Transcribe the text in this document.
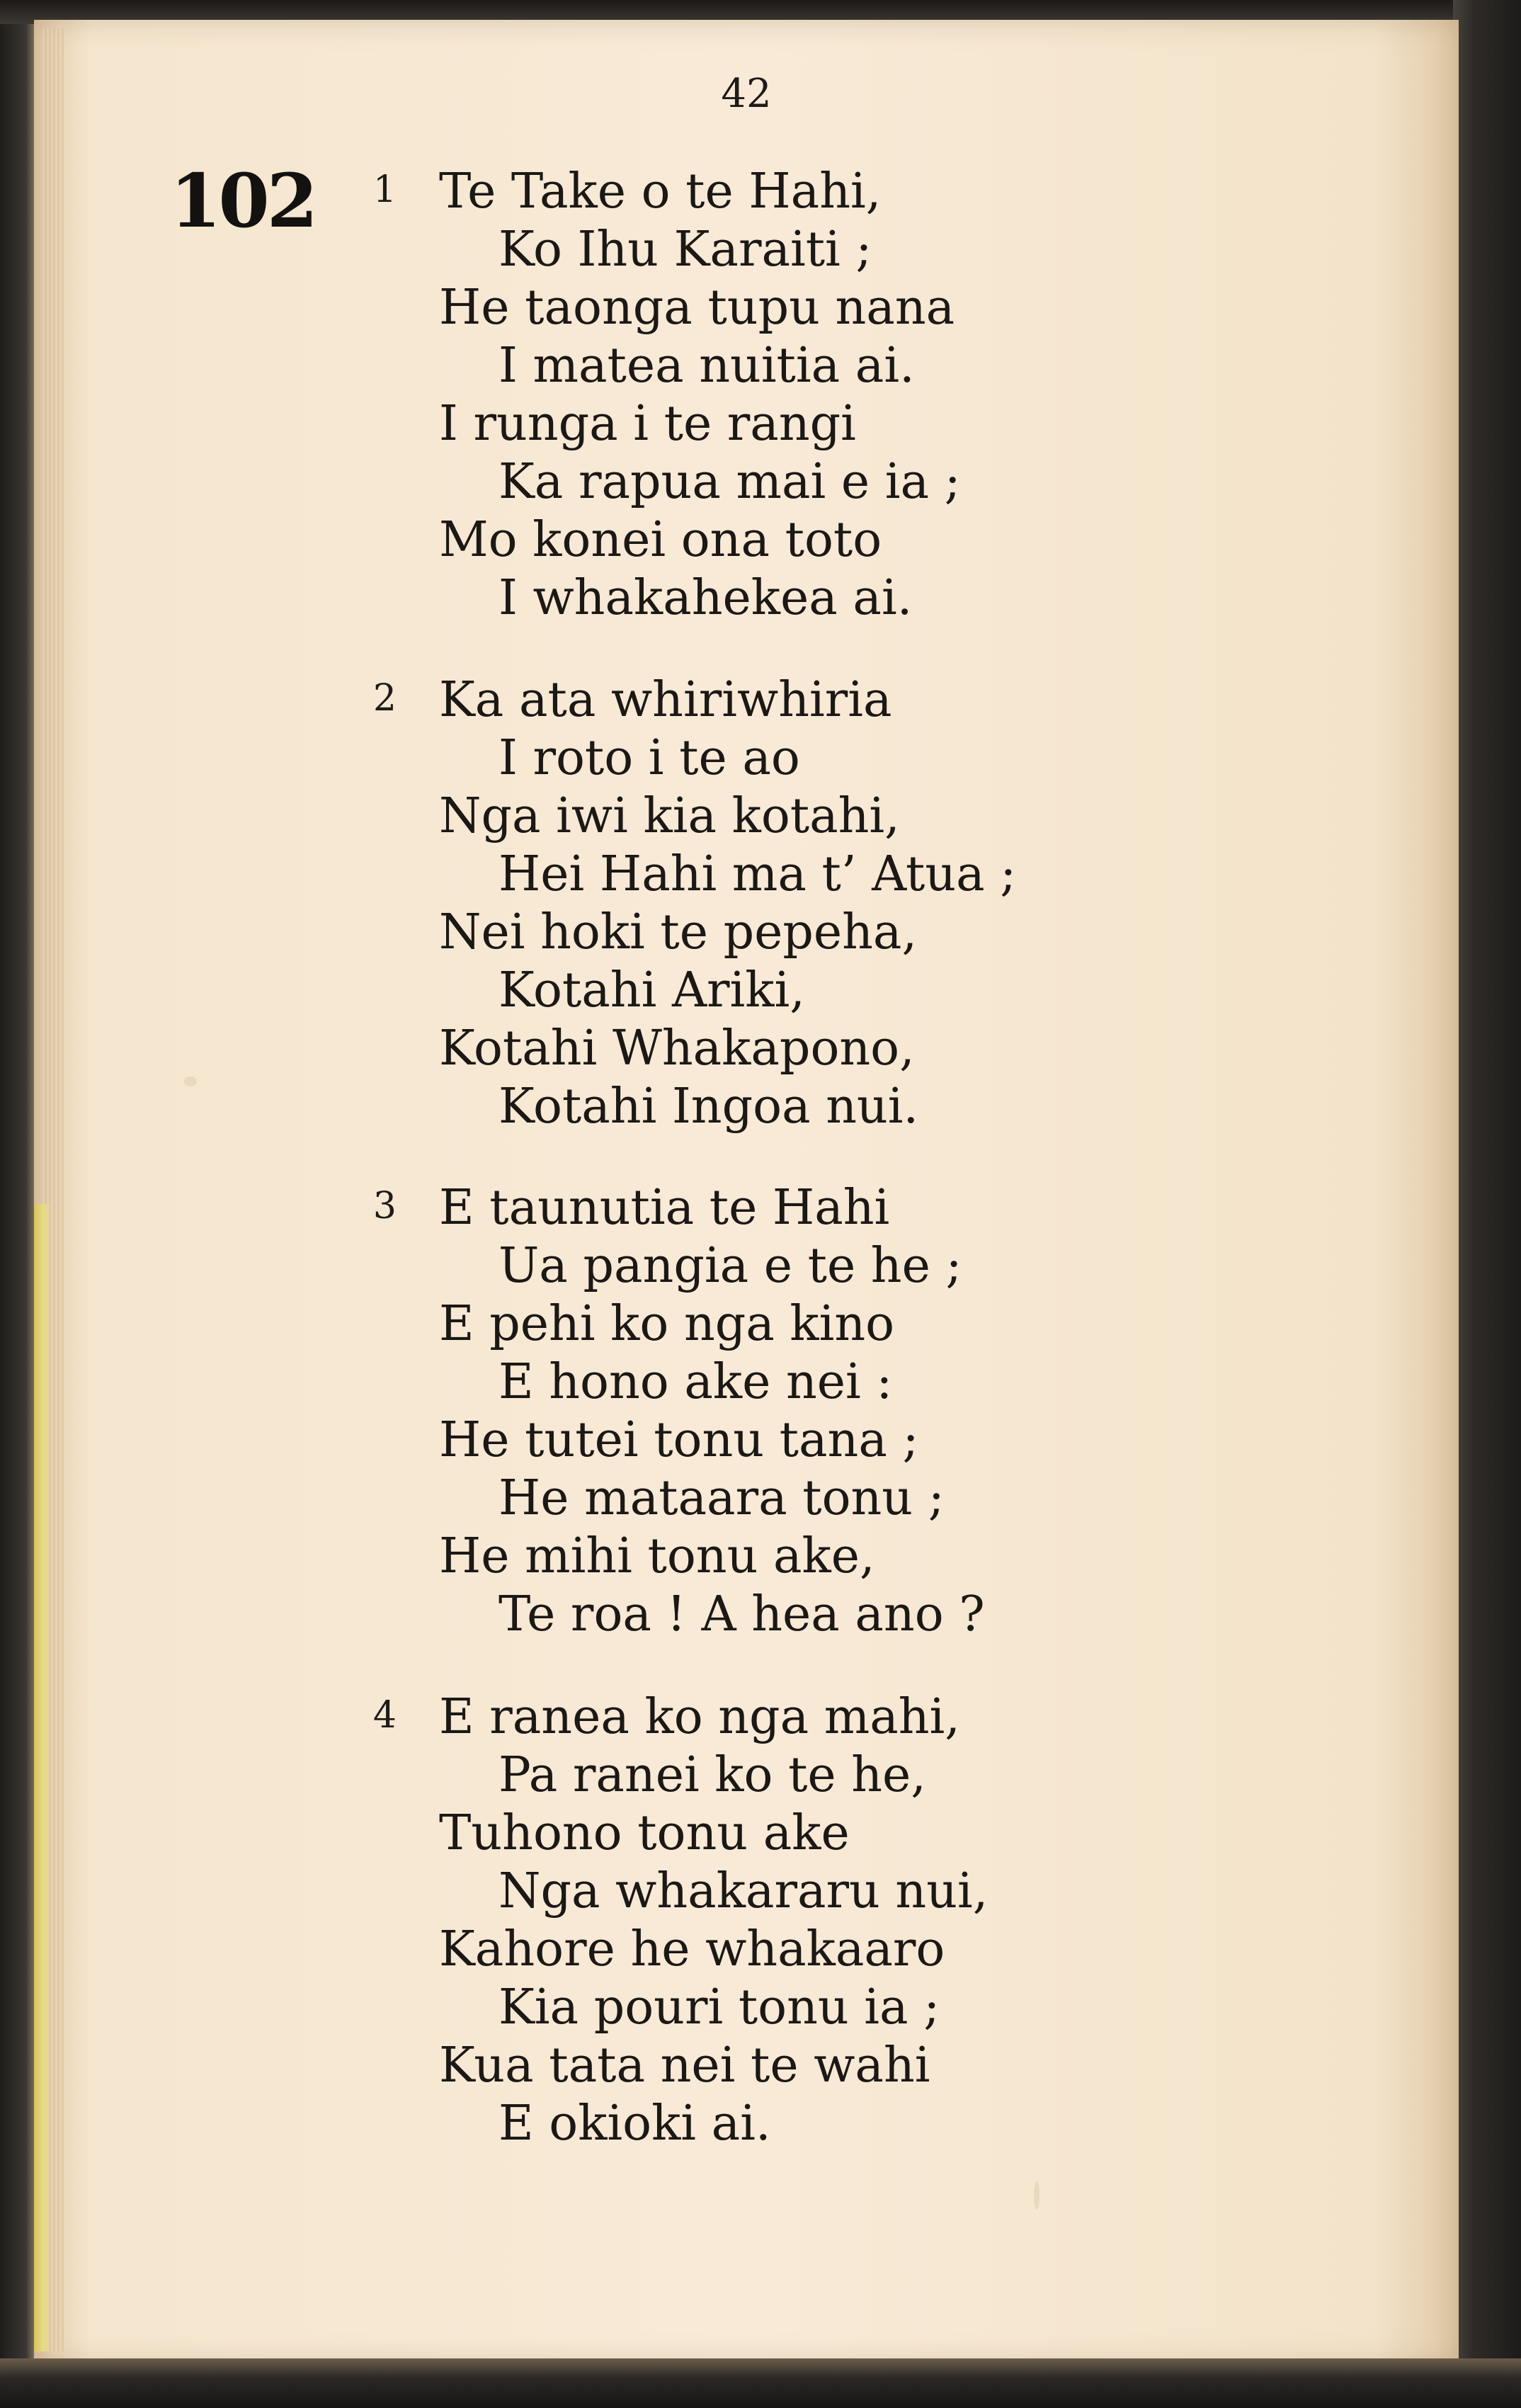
42
102	1 Te Take o te Hahi,
Ko Ihu Karaiti ;
He taonga tupu nana
I matea nuitia ai.
I runga i te rangi
Ka rapua mai e ia ;
Mo konei ona toto
I whakahekea ai.
2 Ka ata whiriwhiria
I roto i te ao
Nga iwi kia kotahi,
Hei Hahi ma t’ Atua ;
Nei hoki te pepeha,
Kotahi Ariki,
Kotahi Whakapono,
Kotahi Ingoa nui.
3 E taunutia te Hahi
Ua pangia e te he ;
E pehi ko nga kino
E hono ake nei :
He tutei tonu tana ;
He mataara tonu ;
He mihi tonu ake,
Te roa ! A hea ano ?
4 E ranea ko nga mahi,
Pa ranei ko te he,
Tuhono tonu ake
Nga whakararu nui,
Kahore he whakaaro
Kia pouri tonu ia ;
Kua tata nei te wahi
E okioki ai.
